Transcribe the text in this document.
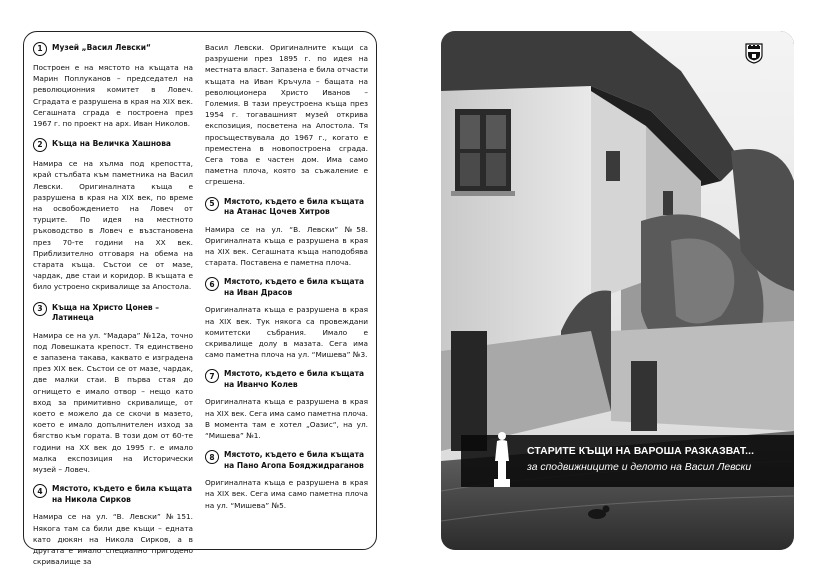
1	Музей „Васил Левски“

Построен е на мястото на къщата на Марин Поплуканов – председател на революционния комитет в Ловеч. Сградата е разрушена в края на XIX век. Сегашната сграда е построена през 1967 г. по проект на арх. Иван Николов.

2	Къща на Величка Хашнова

Намира се на хълма под крепостта, край стълбата към паметника на Васил Левски. Оригиналната къща е разрушена в края на XIX век, по време на освобождението на Ловеч от турците. По идея на местното ръководство в Ловеч е възстановена през 70-те години на XX век. Приблизително отговаря на обема на старата къща. Състои се от мазе, чардак, две стаи и коридор. В къщата е било устроено скривалище за Апостола.

3	Къща на Христо Цонев – Латинеца

Намира се на ул. “Мадара” №12а, точно под Ловешката крепост. Тя единствено е запазена такава, каквато е изградена през XIX век. Състои се от мазе, чардак, две малки стаи. В първа стая до огнището е имало отвор – нещо като вход за примитивно скривалище, от което е можело да се скочи в мазето, което е имало допълнителен изход за бягство към гората. В този дом от 60-те години на XX век до 1995 г. е имало малка експозиция на Исторически музей – Ловеч.

4	Мястото, където е била къщата
на Никола Сирков

Намира се на ул. “В. Левски” №151. Някога там са били две къщи – едната като дюкян на Никола Сирков, а в другата е имало специално пригодено скривалище за

Васил Левски. Оригиналните къщи са разрушени през 1895 г. по идея на местната власт. Запазена е била отчасти къщата на Иван Кръчула – бащата на революционера Христо Иванов – Големия. В тази преустроена къща през 1954 г. тогавашният музей открива експозиция, посветена на Апостола. Тя просъществувала до 1967 г., когато е преместена в новопостроена сграда. Сега това е частен дом. Има само паметна плоча, която за съжаление е сгрешена.

5	Мястото, където е била къщата
на Атанас Цочев Хитров

Намира се на ул. “В. Левски” №58. Оригиналната къща е разрушена в края на XIX век. Сегашната къща наподобява старата. Поставена е паметна плоча.

6	Мястото, където е била къщата
на Иван Драсов

Оригиналната къща е разрушена в края на XIX век. Тук някога са провеждани комитетски събрания. Имало е скривалище долу в мазата. Сега има само паметна плоча на ул. “Мишева” №3.

7	Мястото, където е била къщата
на Иванчо Колев

Оригиналната къща е разрушена в края на XIX век. Сега има само паметна плоча. В момента там е хотел „Оазис“, на ул. “Мишева” №1.

8	Мястото, където е била къщата
на Пано Агопа Бояджидраганов

Оригиналната къща е разрушена в края на XIX век. Сега има само паметна плоча на ул. “Мишева” №5.

СТАРИТЕ КЪЩИ НА ВАРОША РАЗКАЗВАТ...
за сподвижниците и делото на Васил Левски
